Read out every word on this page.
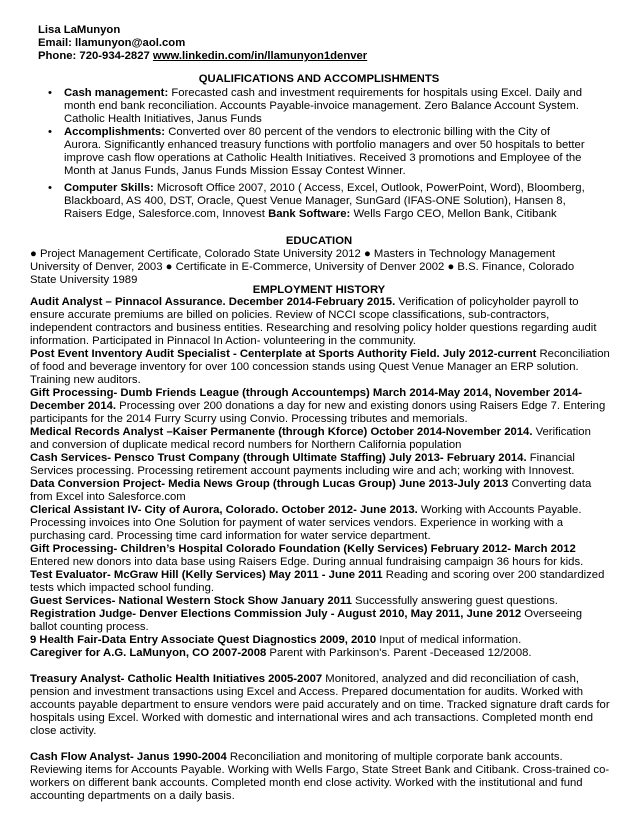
Lisa LaMunyon
Email: llamunyon@aol.com
Phone: 720-934-2827 www.linkedin.com/in/llamunyon1denver
QUALIFICATIONS AND ACCOMPLISHMENTS
• Cash management: Forecasted cash and investment requirements for hospitals using Excel. Daily and month end bank reconciliation. Accounts Payable-invoice management. Zero Balance Account System. Catholic Health Initiatives, Janus Funds
• Accomplishments: Converted over 80 percent of the vendors to electronic billing with the City of Aurora. Significantly enhanced treasury functions with portfolio managers and over 50 hospitals to better improve cash flow operations at Catholic Health Initiatives. Received 3 promotions and Employee of the Month at Janus Funds, Janus Funds Mission Essay Contest Winner.
• Computer Skills: Microsoft Office 2007, 2010 ( Access, Excel, Outlook, PowerPoint, Word), Bloomberg, Blackboard, AS 400, DST, Oracle, Quest Venue Manager, SunGard (IFAS-ONE Solution), Hansen 8, Raisers Edge, Salesforce.com, Innovest Bank Software: Wells Fargo CEO, Mellon Bank, Citibank
EDUCATION
● Project Management Certificate, Colorado State University 2012 ● Masters in Technology Management University of Denver, 2003 ● Certificate in E-Commerce, University of Denver 2002 ● B.S. Finance, Colorado State University 1989
EMPLOYMENT HISTORY

Audit Analyst – Pinnacol Assurance. December 2014-February 2015. Verification of policyholder payroll to ensure accurate premiums are billed on policies. Review of NCCI scope classifications, sub-contractors, independent contractors and business entities. Researching and resolving policy holder questions regarding audit information. Participated in Pinnacol In Action- volunteering in the community.

Post Event Inventory Audit Specialist - Centerplate at Sports Authority Field. July 2012-current Reconciliation of food and beverage inventory for over 100 concession stands using Quest Venue Manager an ERP solution. Training new auditors.

Gift Processing- Dumb Friends League (through Accountemps) March 2014-May 2014, November 2014-December 2014. Processing over 200 donations a day for new and existing donors using Raisers Edge 7. Entering participants for the 2014 Furry Scurry using Convio. Processing tributes and memorials.

Medical Records Analyst –Kaiser Permanente (through Kforce) October 2014-November 2014. Verification and conversion of duplicate medical record numbers for Northern California population

Cash Services- Pensco Trust Company (through Ultimate Staffing) July 2013- February 2014. Financial Services processing. Processing retirement account payments including wire and ach; working with Innovest.

Data Conversion Project- Media News Group (through Lucas Group) June 2013-July 2013 Converting data from Excel into Salesforce.com

Clerical Assistant IV- City of Aurora, Colorado. October 2012- June 2013. Working with Accounts Payable. Processing invoices into One Solution for payment of water services vendors. Experience in working with a purchasing card. Processing time card information for water service department.

Gift Processing- Children’s Hospital Colorado Foundation (Kelly Services) February 2012- March 2012 Entered new donors into data base using Raisers Edge. During annual fundraising campaign 36 hours for kids.

Test Evaluator- McGraw Hill (Kelly Services) May 2011 - June 2011 Reading and scoring over 200 standardized tests which impacted school funding.

Guest Services- National Western Stock Show January 2011 Successfully answering guest questions.

Registration Judge- Denver Elections Commission July - August 2010, May 2011, June 2012 Overseeing ballot counting process.

9 Health Fair-Data Entry Associate Quest Diagnostics 2009, 2010 Input of medical information.

Caregiver for A.G. LaMunyon, CO 2007-2008 Parent with Parkinson's. Parent -Deceased 12/2008.

Treasury Analyst- Catholic Health Initiatives 2005-2007 Monitored, analyzed and did reconciliation of cash, pension and investment transactions using Excel and Access. Prepared documentation for audits. Worked with accounts payable department to ensure vendors were paid accurately and on time. Tracked signature draft cards for hospitals using Excel. Worked with domestic and international wires and ach transactions. Completed month end close activity.

Cash Flow Analyst- Janus 1990-2004 Reconciliation and monitoring of multiple corporate bank accounts. Reviewing items for Accounts Payable. Working with Wells Fargo, State Street Bank and Citibank. Cross-trained co-workers on different bank accounts. Completed month end close activity. Worked with the institutional and fund accounting departments on a daily basis.
